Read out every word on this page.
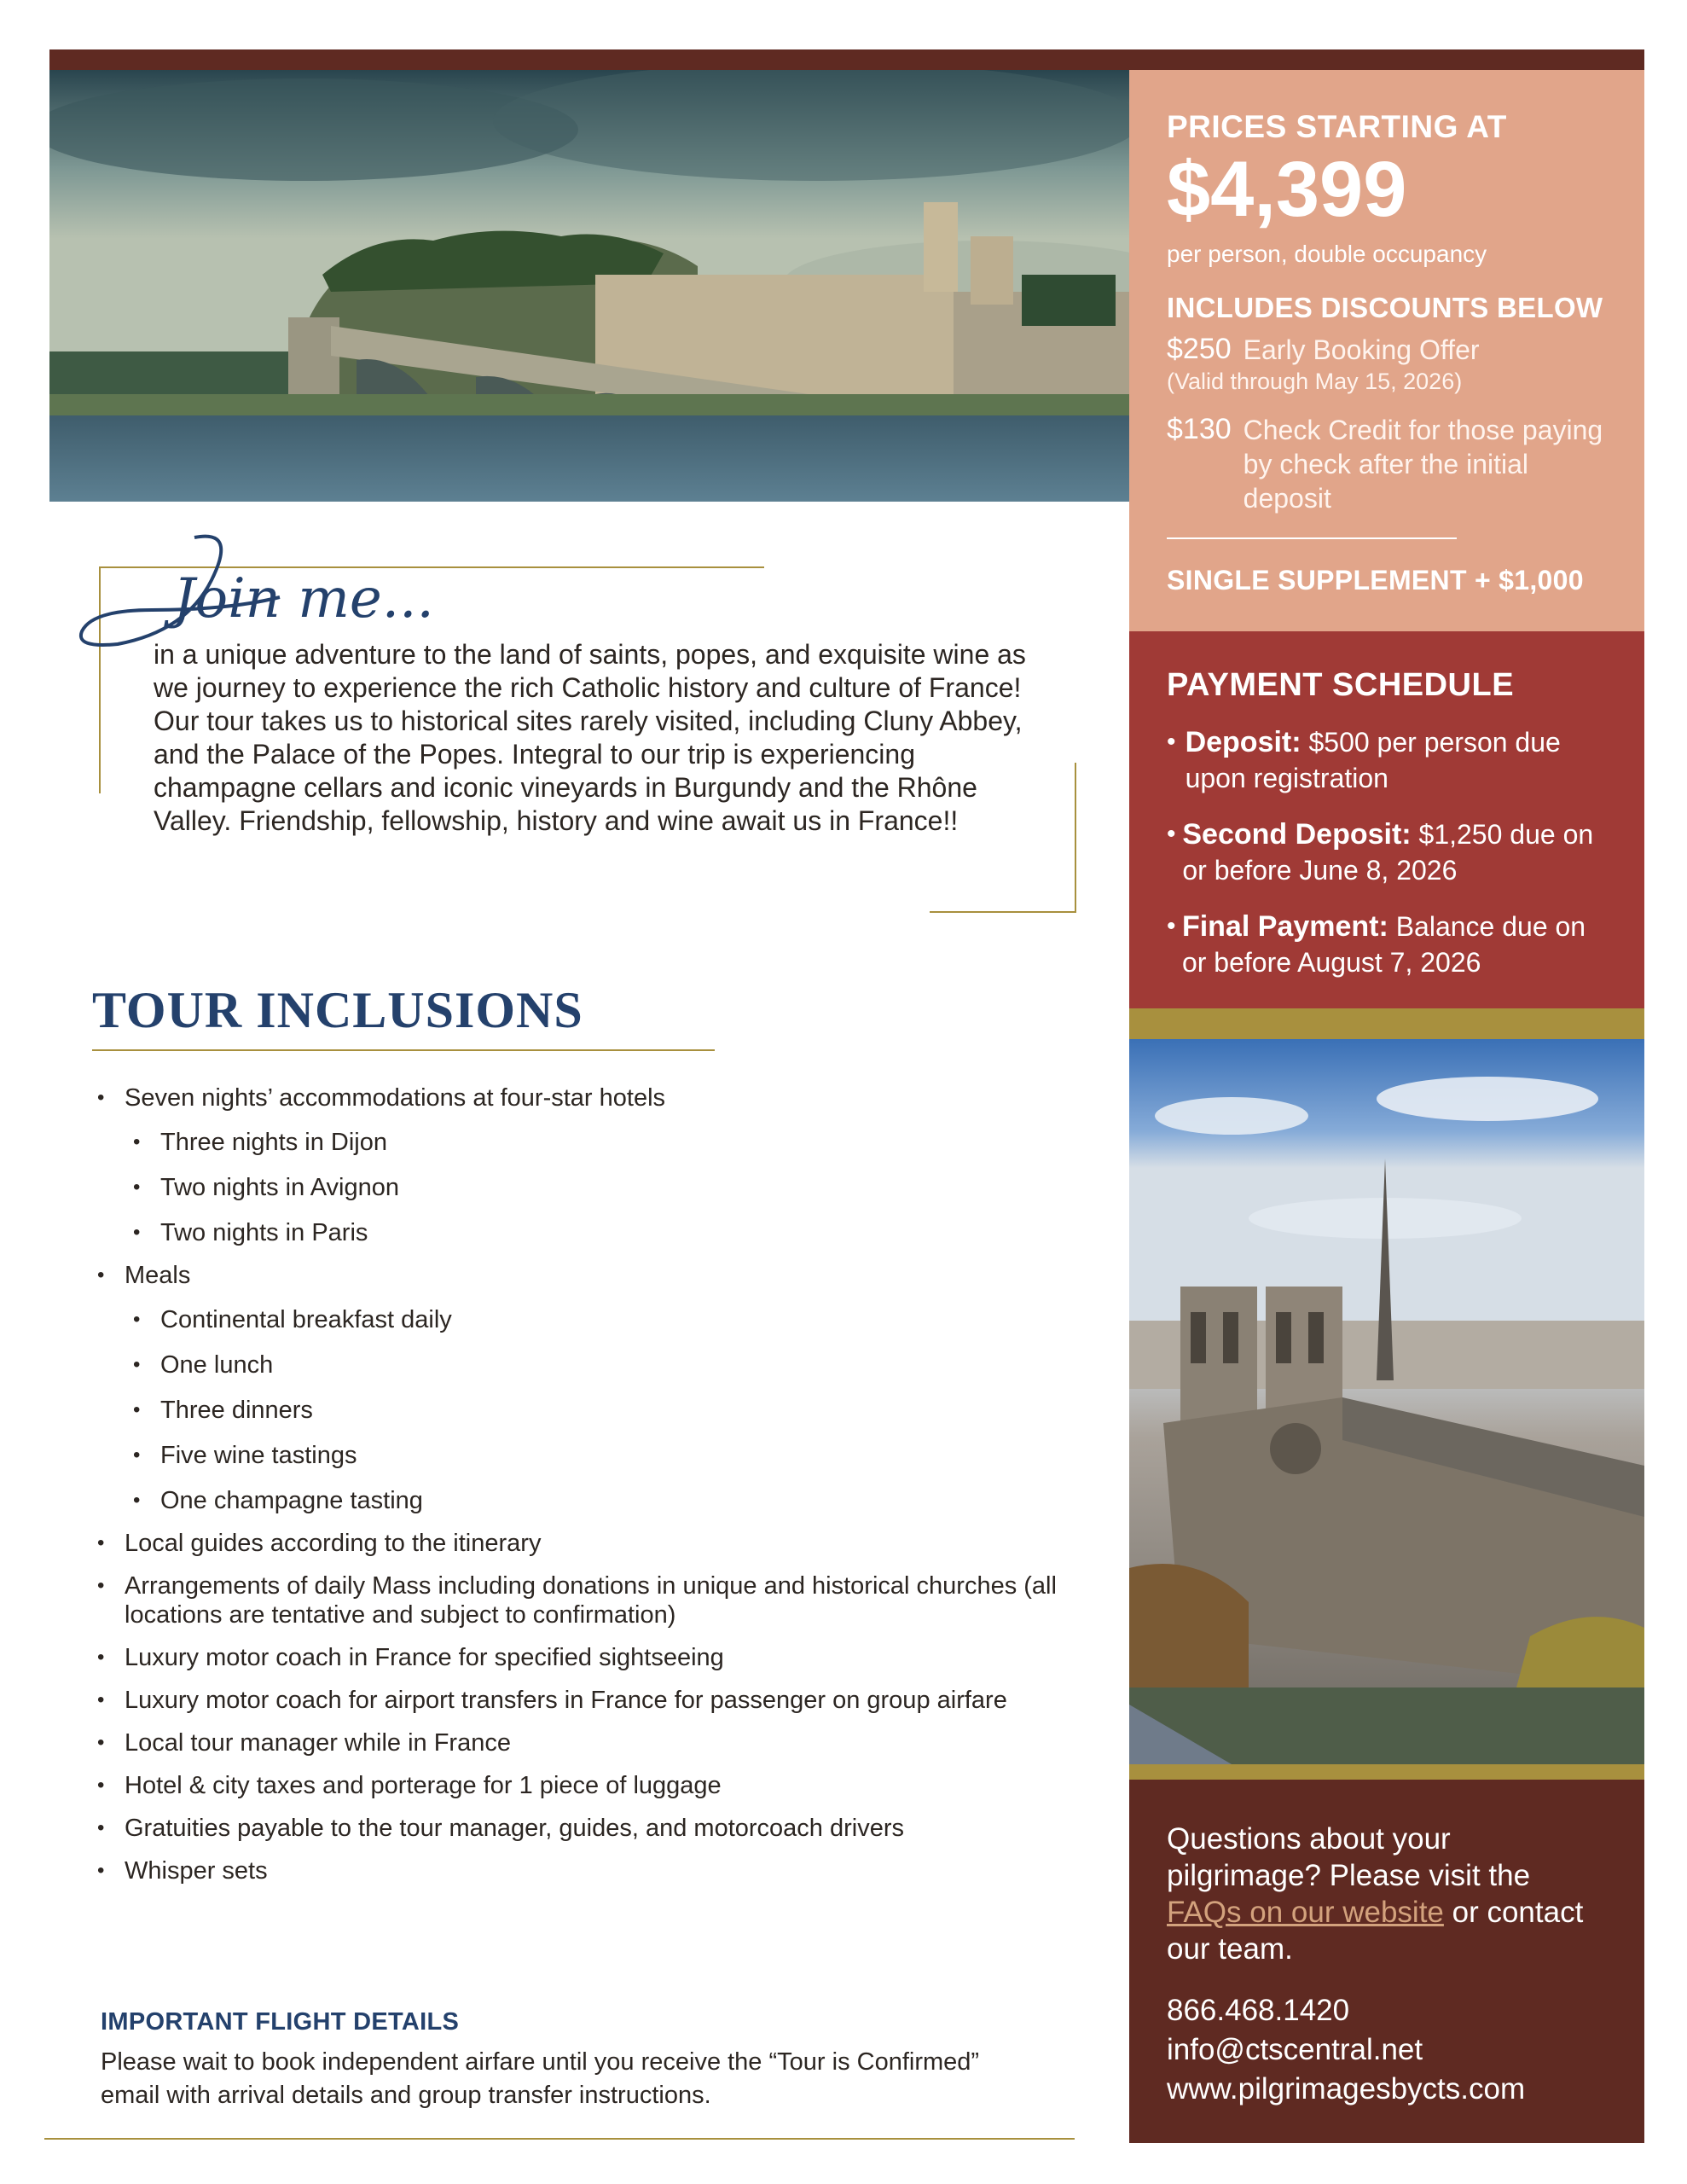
PRICES STARTING AT
$4,399
per person, double occupancy
INCLUDES DISCOUNTS BELOW
$250 Early Booking Offer
(Valid through May 15, 2026)
$130 Check Credit for those paying by check after the initial deposit
SINGLE SUPPLEMENT + $1,000
PAYMENT SCHEDULE
• Deposit: $500 per person due upon registration
• Second Deposit: $1,250 due on or before June 8, 2026
• Final Payment: Balance due on or before August 7, 2026
Questions about your pilgrimage? Please visit the FAQs on our website or contact our team.
866.468.1420
info@ctscentral.net
www.pilgrimagesbycts.com
Join me...
in a unique adventure to the land of saints, popes, and exquisite wine as we journey to experience the rich Catholic history and culture of France! Our tour takes us to historical sites rarely visited, including Cluny Abbey, and the Palace of the Popes. Integral to our trip is experiencing champagne cellars and iconic vineyards in Burgundy and the Rhône Valley. Friendship, fellowship, history and wine await us in France!!
TOUR INCLUSIONS
• Seven nights’ accommodations at four-star hotels
• Three nights in Dijon
• Two nights in Avignon
• Two nights in Paris
• Meals
• Continental breakfast daily
• One lunch
• Three dinners
• Five wine tastings
• One champagne tasting
• Local guides according to the itinerary
• Arrangements of daily Mass including donations in unique and historical churches (all locations are tentative and subject to confirmation)
• Luxury motor coach in France for specified sightseeing
• Luxury motor coach for airport transfers in France for passenger on group airfare
• Local tour manager while in France
• Hotel & city taxes and porterage for 1 piece of luggage
• Gratuities payable to the tour manager, guides, and motorcoach drivers
• Whisper sets
IMPORTANT FLIGHT DETAILS
Please wait to book independent airfare until you receive the “Tour is Confirmed” email with arrival details and group transfer instructions.
